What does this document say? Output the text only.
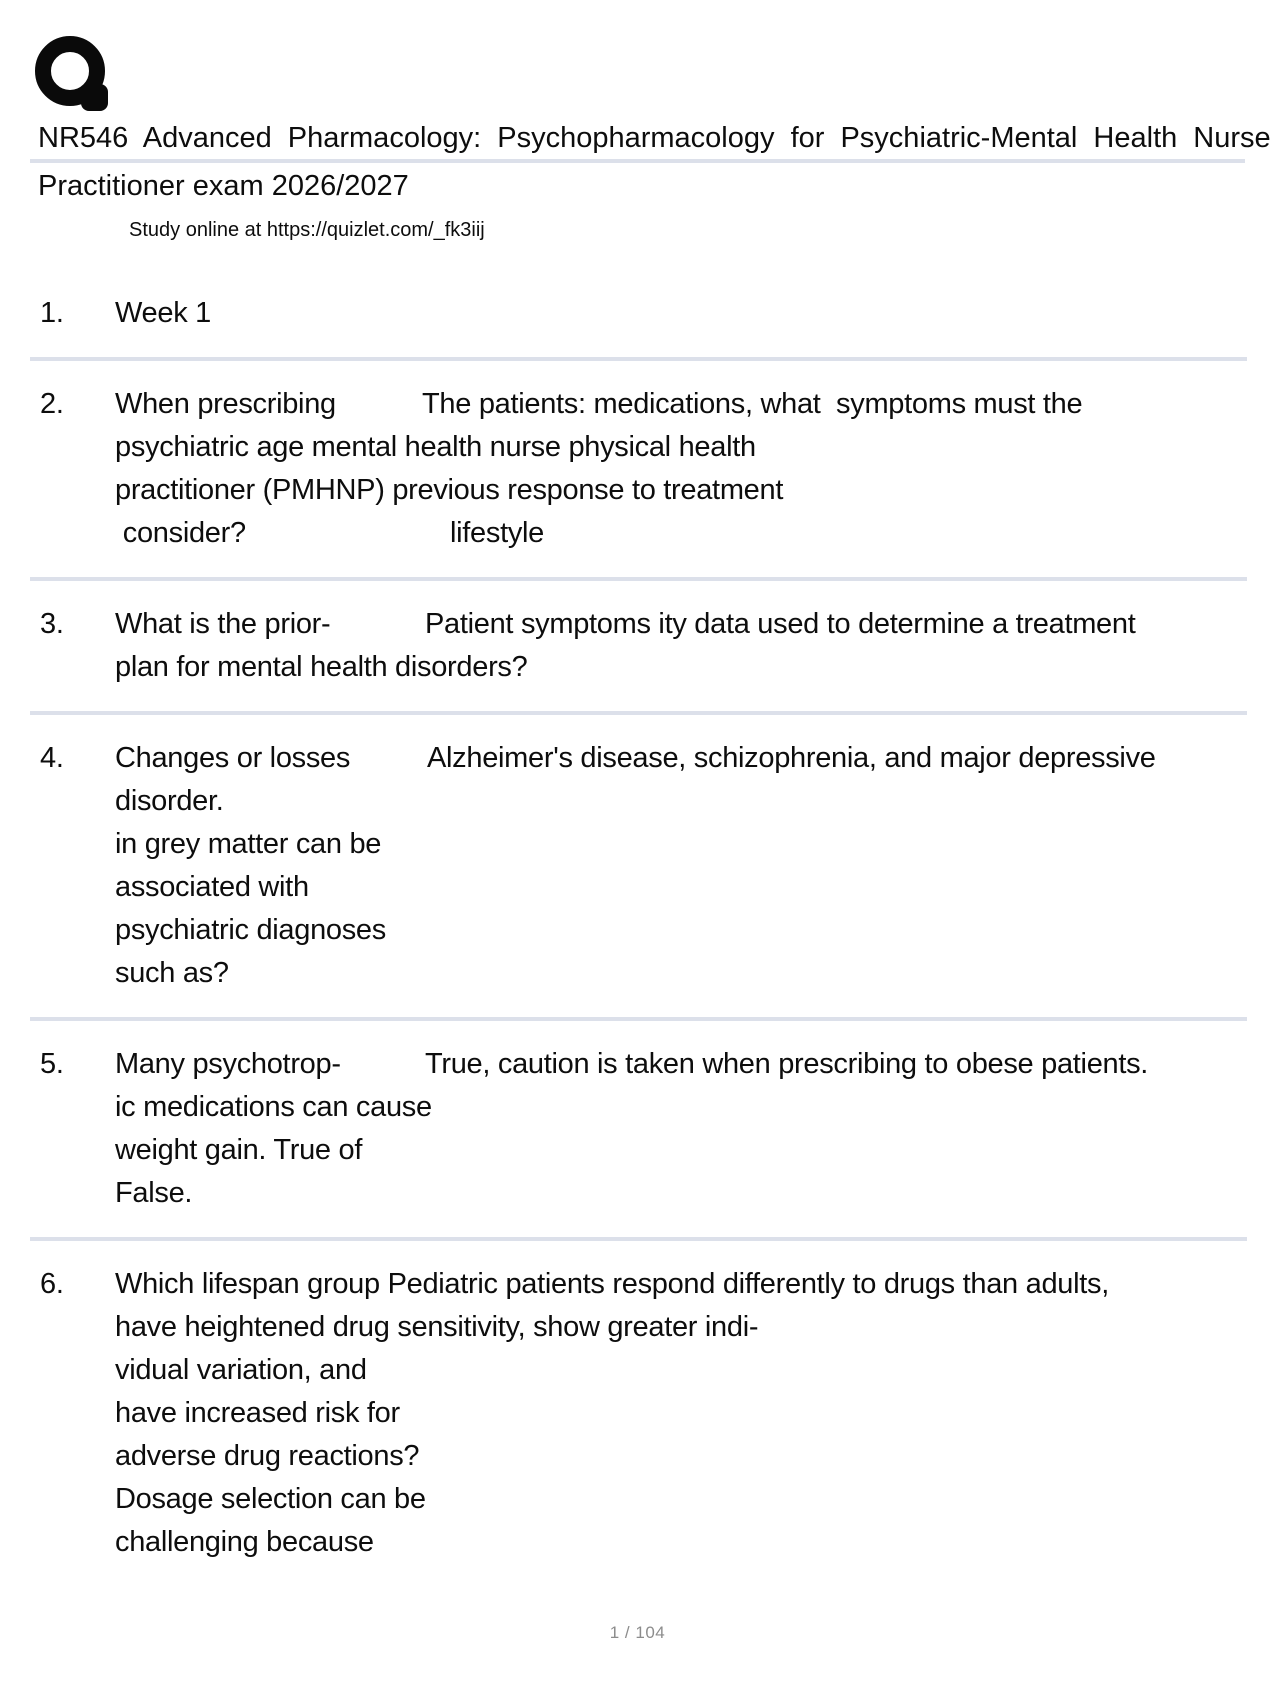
NR546 Advanced Pharmacology: Psychopharmacology for Psychiatric-Mental Health Nurse
Practitioner exam 2026/2027
Study online at https://quizlet.com/_fk3iij
1.	Week 1
2.	When prescribing	The patients: medications, what  symptoms must the
psychiatric age mental health nurse physical health
practitioner (PMHNP) previous response to treatment
consider?	lifestyle
3.	What is the prior-	Patient symptoms ity data used to determine a treatment
plan for mental health disorders?
4.	Changes or losses	Alzheimer's disease, schizophrenia, and major depressive
disorder.
in grey matter can be
associated with
psychiatric diagnoses
such as?
5.	Many psychotrop-	True, caution is taken when prescribing to obese patients.
ic medications can cause
weight gain. True of
False.
6.	Which lifespan group Pediatric patients respond differently to drugs than adults,
have heightened drug sensitivity, show greater indi-
vidual variation, and
have increased risk for
adverse drug reactions?
Dosage selection can be
challenging because
1 / 104
